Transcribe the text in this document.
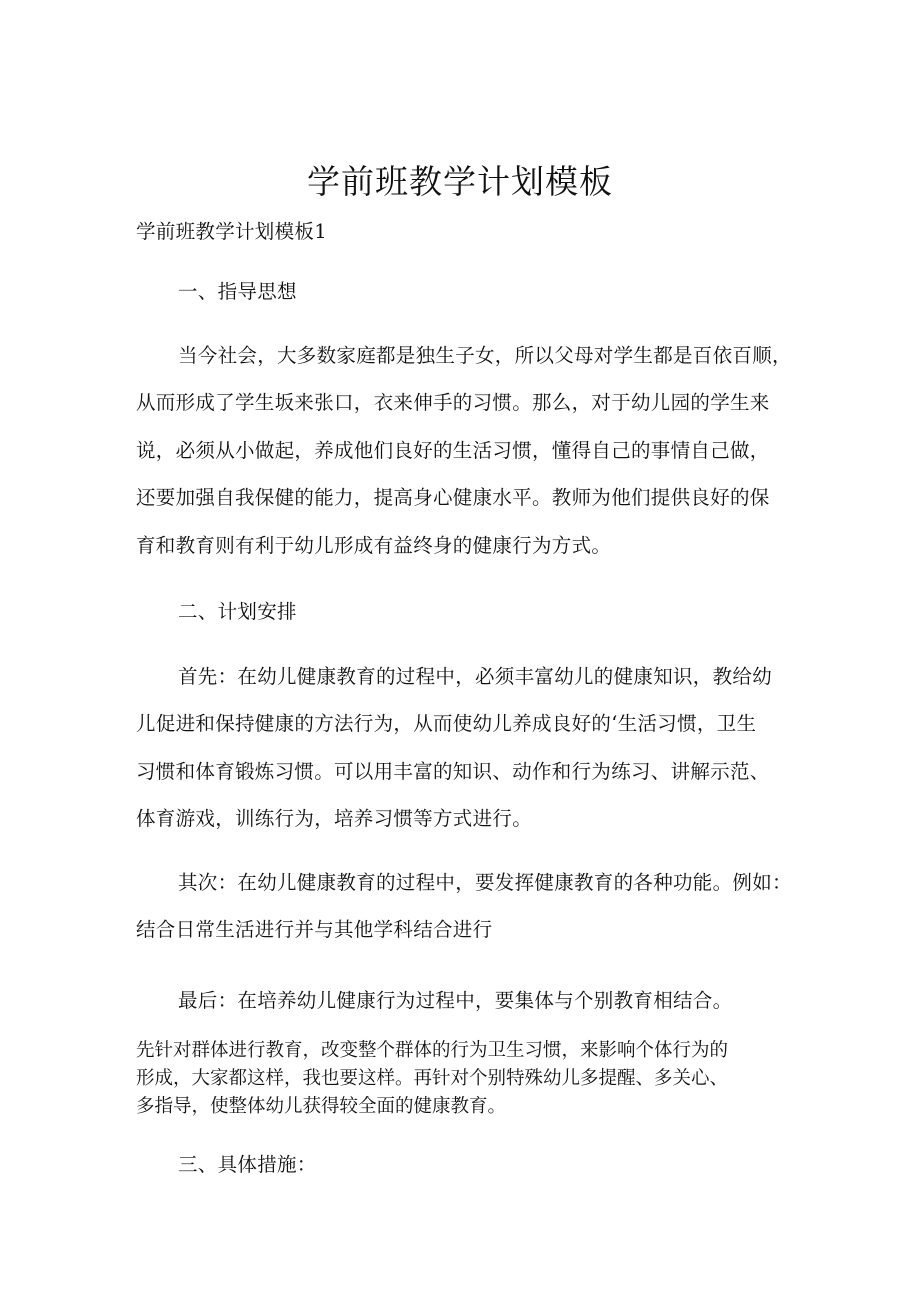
学前班教学计划模板

学前班教学计划模板1

一、指导思想

当今社会，大多数家庭都是独生子女，所以父母对学生都是百依百顺，

从而形成了学生坂来张口，衣来伸手的习惯。那么，对于幼儿园的学生来

说，必须从小做起，养成他们良好的生活习惯，懂得自己的事情自己做，

还要加强自我保健的能力，提高身心健康水平。教师为他们提供良好的保

育和教育则有利于幼儿形成有益终身的健康行为方式。

二、计划安排

首先：在幼儿健康教育的过程中，必须丰富幼儿的健康知识，教给幼

儿促进和保持健康的方法行为，从而使幼儿养成良好的‘生活习惯，卫生

习惯和体育锻炼习惯。可以用丰富的知识、动作和行为练习、讲解示范、

体育游戏，训练行为，培养习惯等方式进行。

其次：在幼儿健康教育的过程中，要发挥健康教育的各种功能。例如：

结合日常生活进行并与其他学科结合进行

最后：在培养幼儿健康行为过程中，要集体与个别教育相结合。

先针对群体进行教育，改变整个群体的行为卫生习惯，来影响个体行为的

形成，大家都这样，我也要这样。再针对个别特殊幼儿多提醒、多关心、

多指导，使整体幼儿获得较全面的健康教育。

三、具体措施：
